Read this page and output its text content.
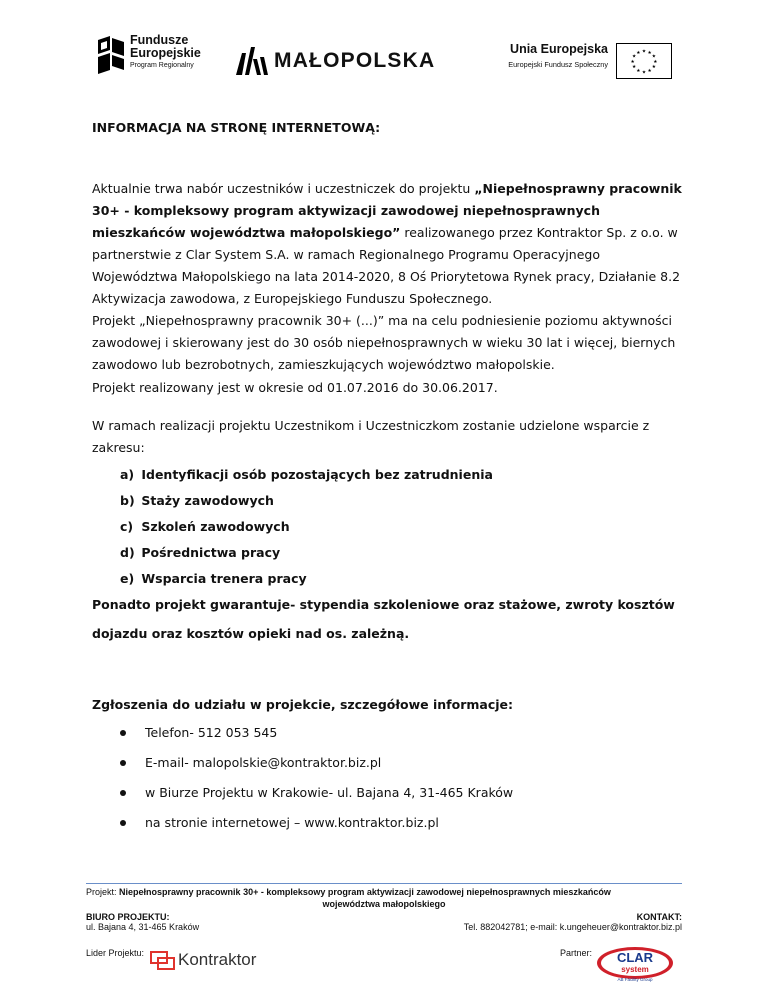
Fundusze
Europejskie
Program Regionalny	MAŁOPOLSKA	Unia Europejska
Europejski Fundusz Społeczny
★ ★
★
★
★
★
★
★
★
★
★
★
INFORMACJA NA STRONĘ INTERNETOWĄ:

Aktualnie trwa nabór uczestników i uczestniczek do projektu „Niepełnosprawny pracownik 30+ - kompleksowy program aktywizacji zawodowej niepełnosprawnych mieszkańców województwa małopolskiego” realizowanego przez Kontraktor Sp. z o.o. w partnerstwie z Clar System S.A. w ramach Regionalnego Programu Operacyjnego Województwa Małopolskiego na lata 2014-2020, 8 Oś Priorytetowa Rynek pracy, Działanie 8.2 Aktywizacja zawodowa, z Europejskiego Funduszu Społecznego.

Projekt „Niepełnosprawny pracownik 30+ (...)” ma na celu podniesienie poziomu aktywności zawodowej i skierowany jest do 30 osób niepełnosprawnych w wieku 30 lat i więcej, biernych zawodowo lub bezrobotnych, zamieszkujących województwo małopolskie.

Projekt realizowany jest w okresie od 01.07.2016 do 30.06.2017.

W ramach realizacji projektu Uczestnikom i Uczestniczkom zostanie udzielone wsparcie z zakresu:

a) Identyfikacji osób pozostających bez zatrudnienia
b) Staży zawodowych
c) Szkoleń zawodowych
d) Pośrednictwa pracy
e) Wsparcia trenera pracy

Ponadto projekt gwarantuje- stypendia szkoleniowe oraz stażowe, zwroty kosztów dojazdu oraz kosztów opieki nad os. zależną.

Zgłoszenia do udziału w projekcie, szczegółowe informacje:
Telefon- 512 053 545
E-mail- malopolskie@kontraktor.biz.pl
w Biurze Projektu w Krakowie- ul. Bajana 4, 31-465 Kraków
na stronie internetowej – www.kontraktor.biz.pl
Projekt: Niepełnosprawny pracownik 30+ - kompleksowy program aktywizacji zawodowej niepełnosprawnych mieszkańców
województwa małopolskiego
BIURO PROJEKTU:
ul. Bajana 4, 31-465 Kraków
KONTAKT:
Tel. 882042781; e-mail: k.ungeheuer@kontraktor.biz.pl
Lider Projektu:	Partner:
Kontraktor	CLAR
system
AB Facility Group
